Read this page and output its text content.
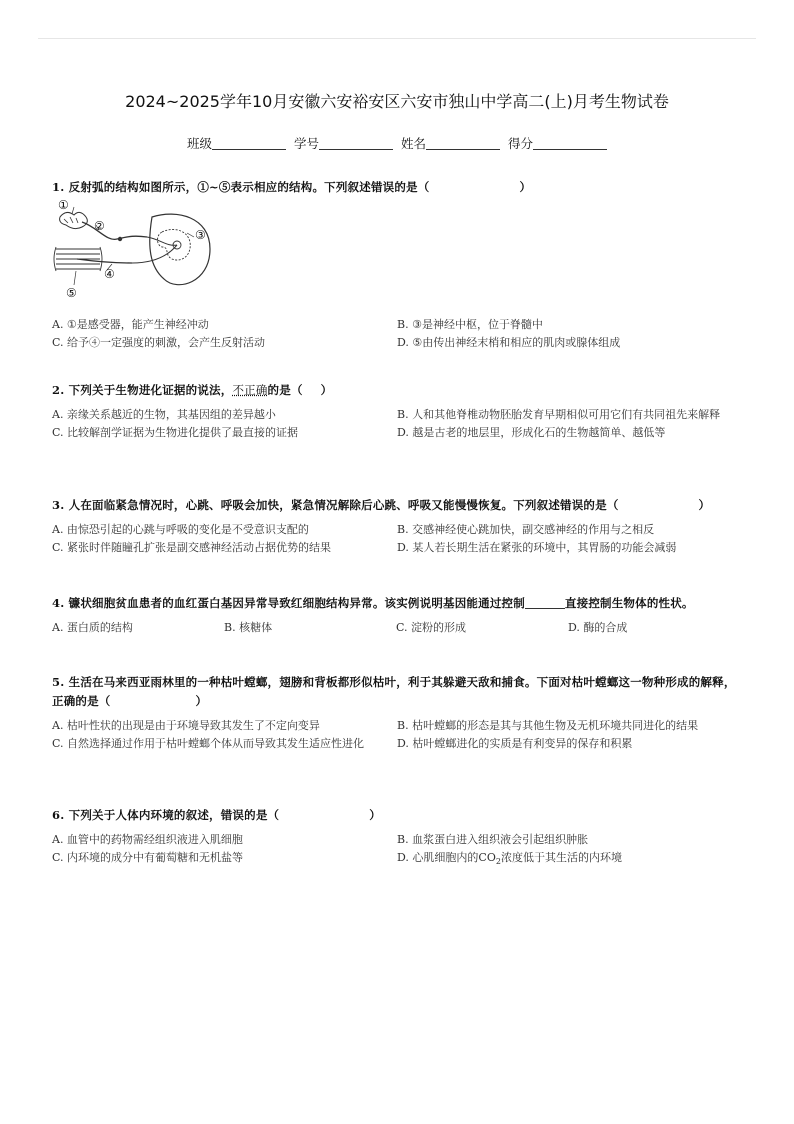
2024~2025学年10月安徽六安裕安区六安市独山中学高二(上)月考生物试卷
班级	学号	姓名	得分
1. 反射弧的结构如图所示，①~⑤表示相应的结构。下列叙述错误的是（	）
①
②
③
④
⑤
A. ①是感受器，能产生神经冲动	B. ③是神经中枢，位于脊髓中
C. 给予④一定强度的刺激，会产生反射活动	D. ⑤由传出神经末梢和相应的肌肉或腺体组成
2. 下列关于生物进化证据的说法，不正确的是（ ）
A. 亲缘关系越近的生物，其基因组的差异越小	B. 人和其他脊椎动物胚胎发育早期相似可用它们有共同祖先来解释
C. 比较解剖学证据为生物进化提供了最直接的证据	D. 越是古老的地层里，形成化石的生物越简单、越低等
3. 人在面临紧急情况时，心跳、呼吸会加快，紧急情况解除后心跳、呼吸又能慢慢恢复。下列叙述错误的是（	）
A. 由惊恐引起的心跳与呼吸的变化是不受意识支配的	B. 交感神经使心跳加快，副交感神经的作用与之相反
C. 紧张时伴随瞳孔扩张是副交感神经活动占据优势的结果	D. 某人若长期生活在紧张的环境中，其胃肠的功能会减弱
4. 镰状细胞贫血患者的血红蛋白基因异常导致红细胞结构异常。该实例说明基因能通过控制	直接控制生物体的性状。
A. 蛋白质的结构	B. 核糖体	C. 淀粉的形成	D. 酶的合成
5. 生活在马来西亚雨林里的一种枯叶螳螂，翅膀和背板都形似枯叶，利于其躲避天敌和捕食。下面对枯叶螳螂这一物种形成的解释，正确的是（	）
A. 枯叶性状的出现是由于环境导致其发生了不定向变异	B. 枯叶螳螂的形态是其与其他生物及无机环境共同进化的结果
C. 自然选择通过作用于枯叶螳螂个体从而导致其发生适应性进化	D. 枯叶螳螂进化的实质是有利变异的保存和积累
6. 下列关于人体内环境的叙述，错误的是（	）
A. 血管中的药物需经组织液进入肌细胞	B. 血浆蛋白进入组织液会引起组织肿胀
C. 内环境的成分中有葡萄糖和无机盐等	D. 心肌细胞内的$CO_2$浓度低于其生活的内环境
